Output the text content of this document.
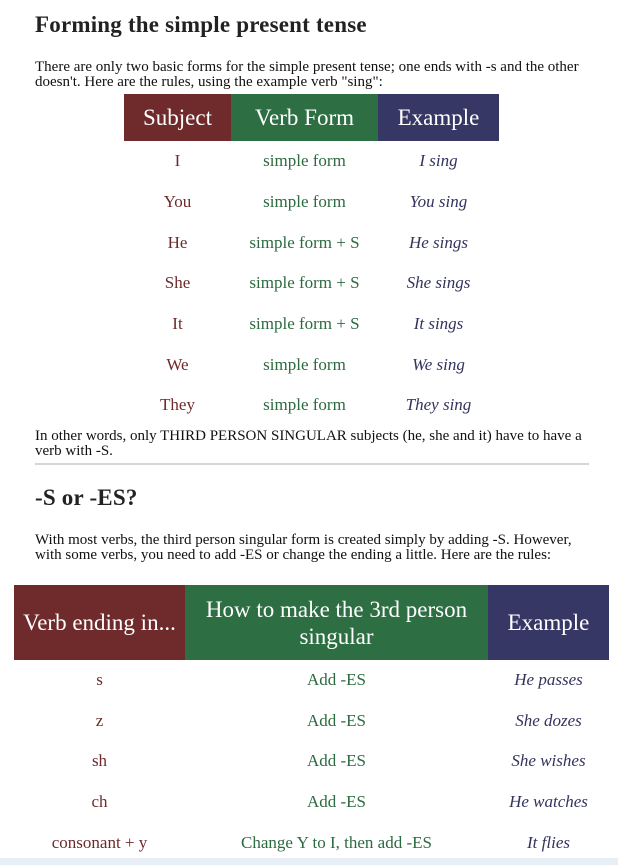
Forming the simple present tense

There are only two basic forms for the simple present tense; one ends with -s and the other doesn't. Here are the rules, using the example verb "sing":

Subject	Verb Form	Example
I	simple form	I sing
You	simple form	You sing
He	simple form + S	He sings
She	simple form + S	She sings
It	simple form + S	It sings
We	simple form	We sing
They	simple form	They sing

In other words, only THIRD PERSON SINGULAR subjects (he, she and it) have to have a verb with -S.

-S or -ES?

With most verbs, the third person singular form is created simply by adding -S. However, with some verbs, you need to add -ES or change the ending a little. Here are the rules:

Verb ending in...	How to make the 3rd person singular	Example
s	Add -ES	He passes
z	Add -ES	She dozes
sh	Add -ES	She wishes
ch	Add -ES	He watches
consonant + y	Change Y to I, then add -ES	It flies
